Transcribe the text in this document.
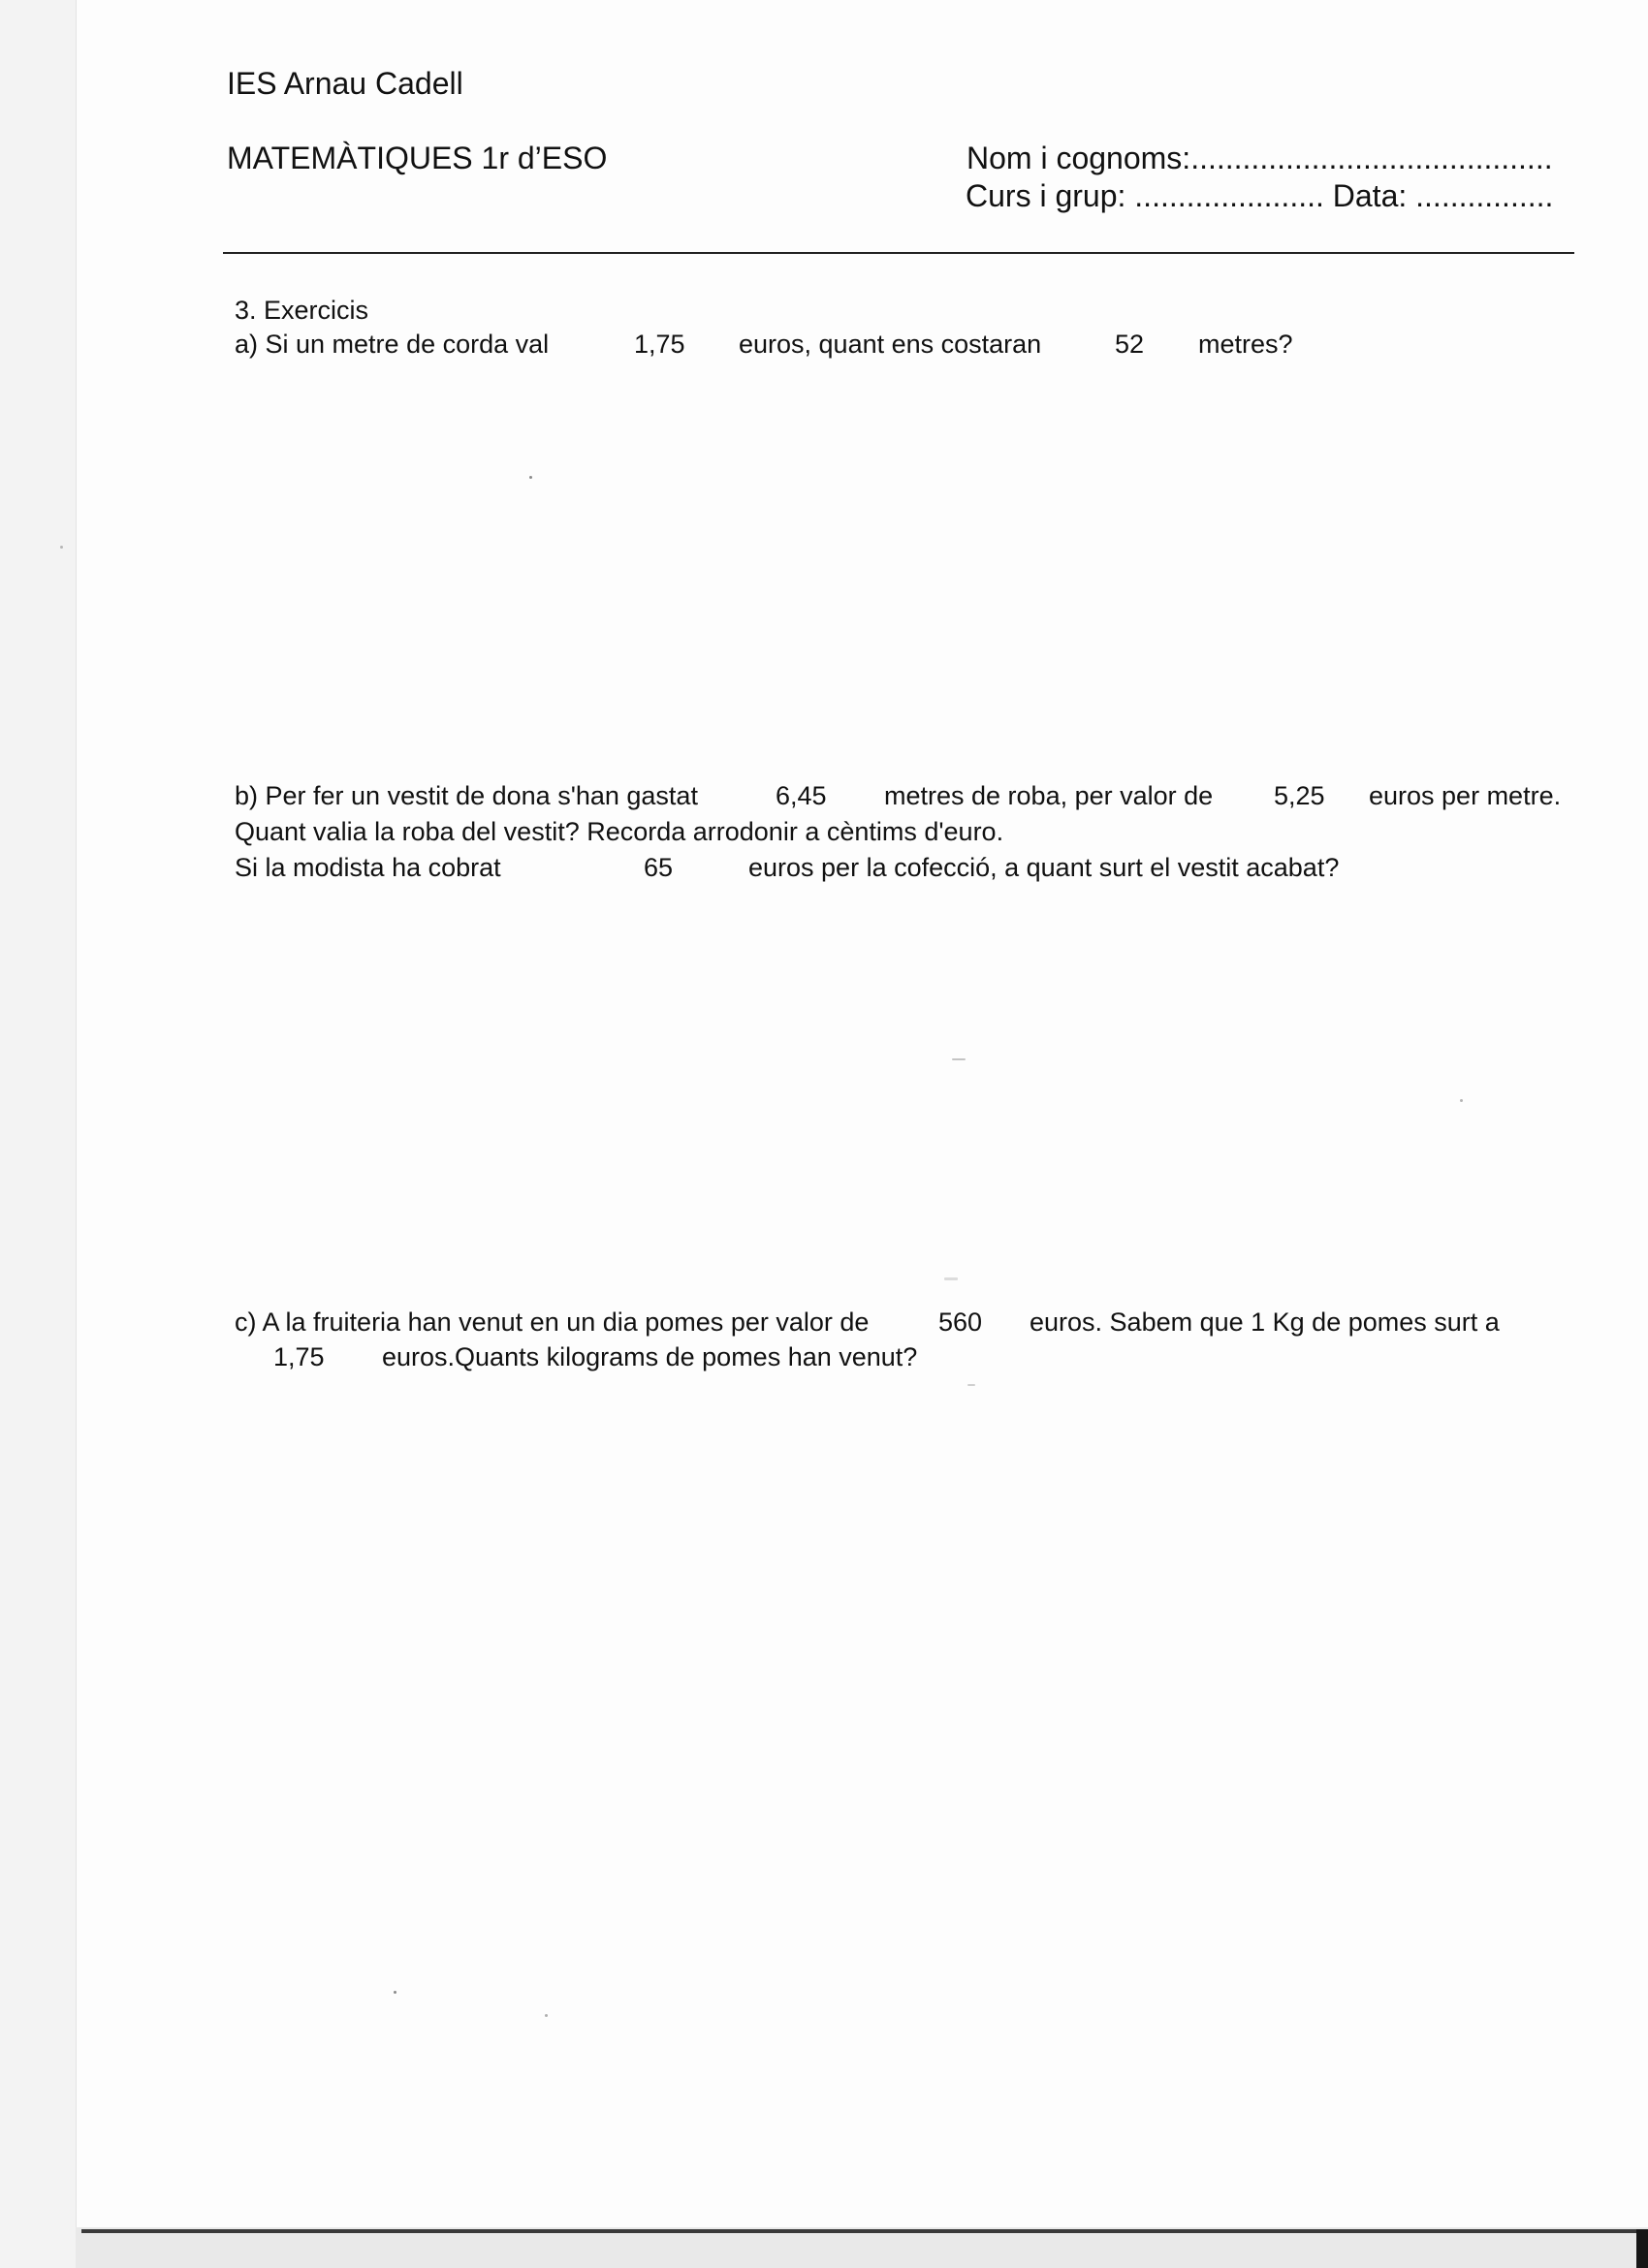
IES Arnau Cadell
MATEMÀTIQUES 1r d’ESO	Nom i cognoms:..........................................
Curs i grup: ...................... Data: ................
3. Exercicis
a) Si un metre de corda val	1,75 euros, quant ens costaran	52 metres?
b) Per fer un vestit de dona s'han gastat	6,45 metres de roba, per valor de 5,25 euros per metre.
Quant valia la roba del vestit? Recorda arrodonir a cèntims d'euro.
Si la modista ha cobrat	65	euros per la cofecció, a quant surt el vestit acabat?
c) A la fruiteria han venut en un dia pomes per valor de	560 euros. Sabem que 1 Kg de pomes surt a
1,75 euros.Quants kilograms de pomes han venut?
